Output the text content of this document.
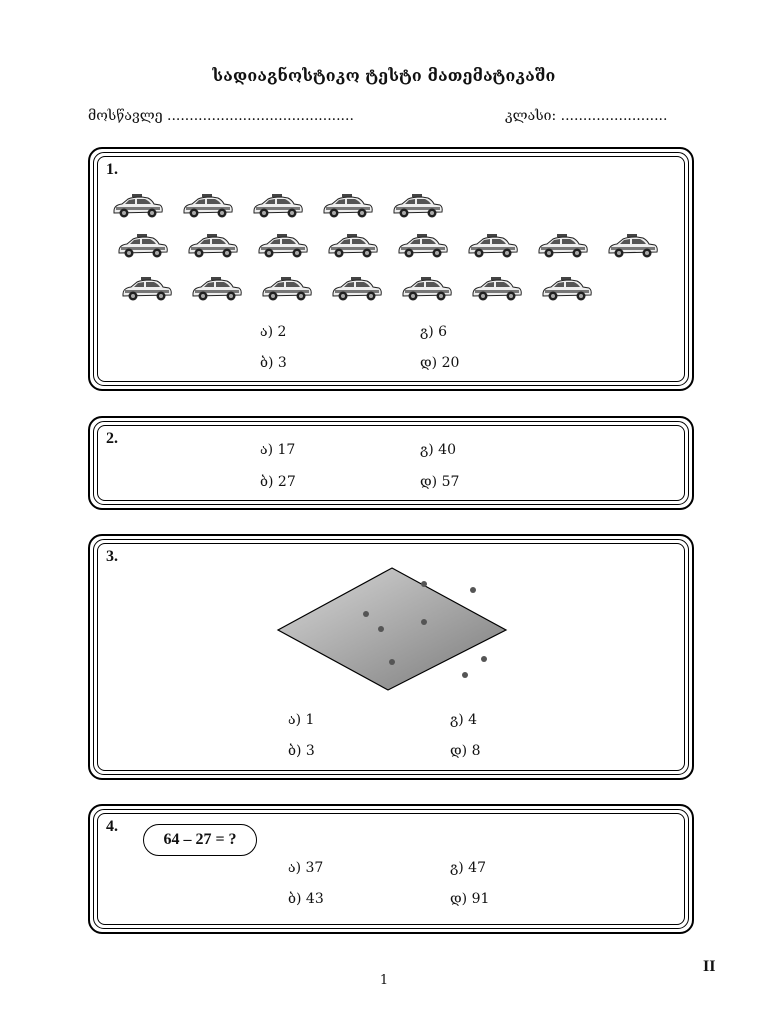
სადიაგნოსტიკო ტესტი მათემატიკაში
მოსწავლე ..........................................	კლასი: ........................
1.
ა) 2	გ) 6
ბ) 3	დ) 20
2.
ა) 17	გ) 40
ბ) 27	დ) 57
3.
ა) 1	გ) 4
ბ) 3	დ) 8
4.
64 – 27 = ?
ა) 37	გ) 47
ბ) 43	დ) 91
1
II
